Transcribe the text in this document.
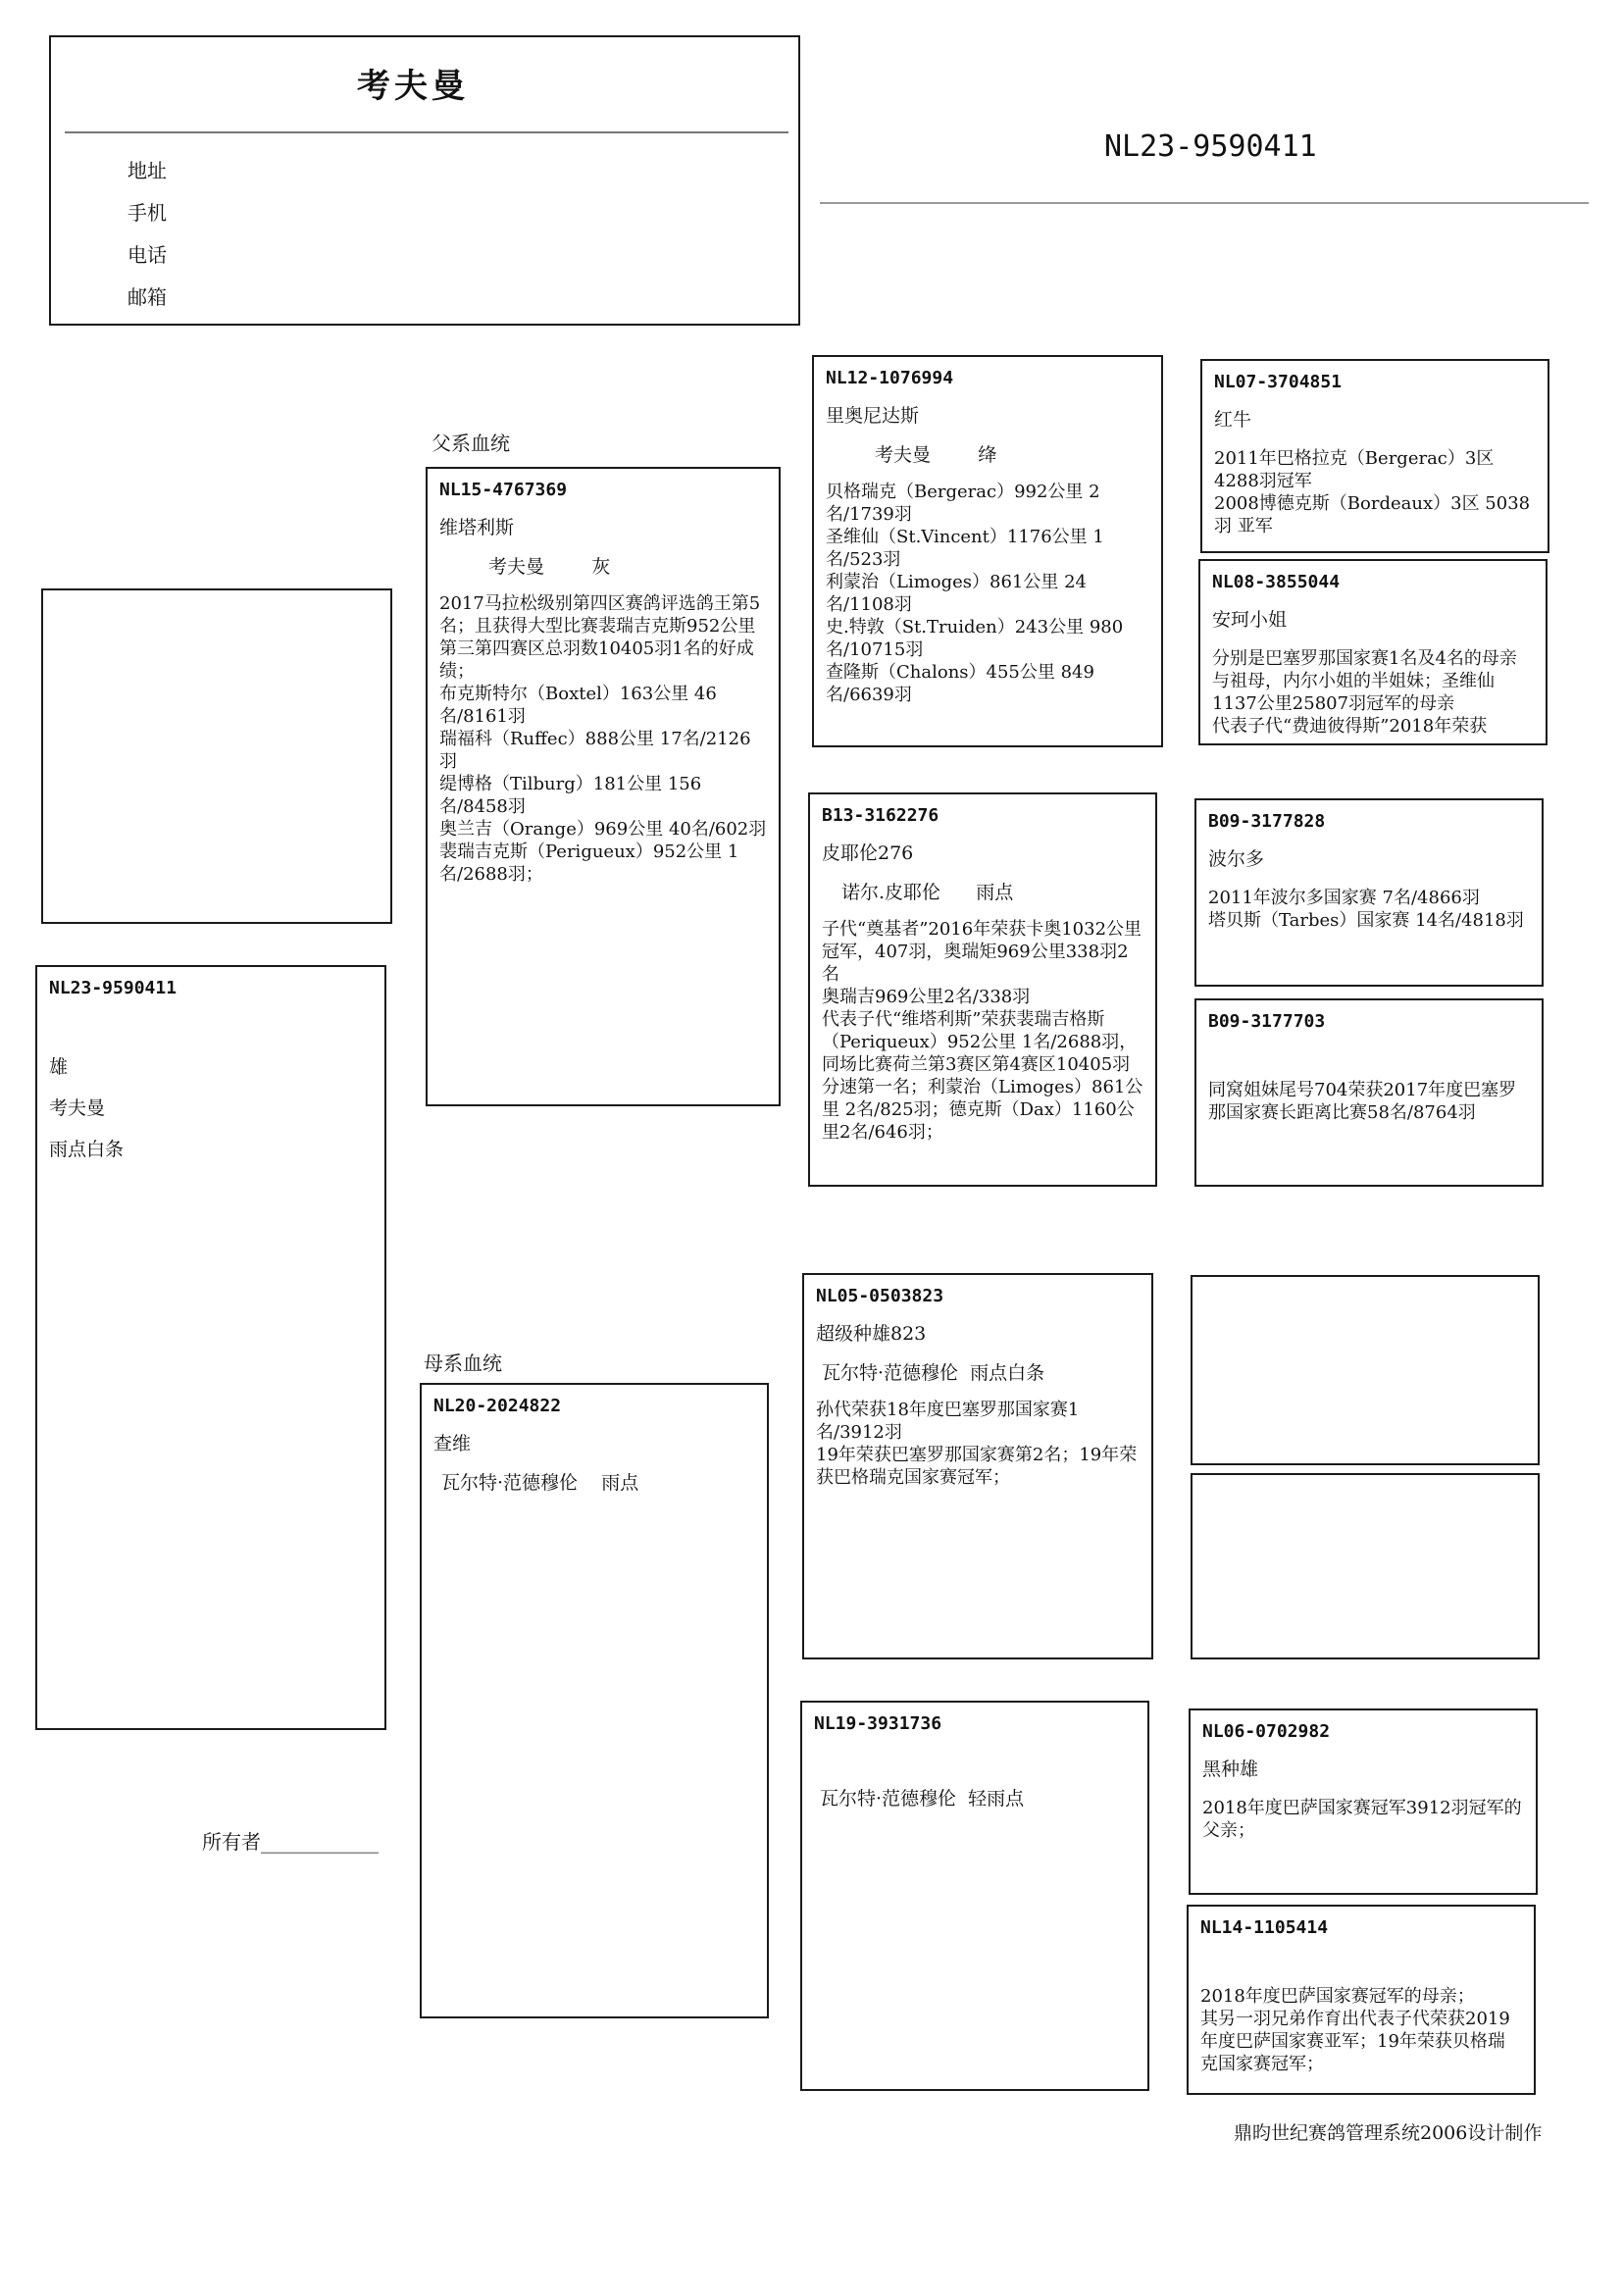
考夫曼
地址
手机
电话
邮箱
NL23-9590411
NL23-9590411
雄
考夫曼
雨点白条
父系血统
母系血统
NL15-4767369
维塔利斯
考夫曼        灰
2017马拉松级别第四区赛鸽评选鸽王第5名；且获得大型比赛裴瑞吉克斯952公里第三第四赛区总羽数10405羽1名的好成绩；
布克斯特尔（Boxtel）163公里 46名/8161羽
瑞福科（Ruffec）888公里 17名/2126羽
缇博格（Tilburg）181公里 156名/8458羽
奥兰吉（Orange）969公里 40名/602羽
裴瑞吉克斯（Perigueux）952公里 1名/2688羽；
NL20-2024822
查维
瓦尔特·范德穆伦    雨点
NL12-1076994
里奥尼达斯
考夫曼        绛
贝格瑞克（Bergerac）992公里 2名/1739羽
圣维仙（St.Vincent）1176公里 1名/523羽
利蒙治（Limoges）861公里 24名/1108羽
史.特敦（St.Truiden）243公里 980名/10715羽
查隆斯（Chalons）455公里 849名/6639羽
B13-3162276
皮耶伦276
诺尔.皮耶伦      雨点
子代“奠基者”2016年荣获卡奥1032公里冠军，407羽，奥瑞矩969公里338羽2名
奥瑞吉969公里2名/338羽
代表子代“维塔利斯”荣获裴瑞吉格斯（Periqueux）952公里 1名/2688羽，同场比赛荷兰第3赛区第4赛区10405羽分速第一名；利蒙治（Limoges）861公里 2名/825羽；德克斯（Dax）1160公里2名/646羽；
NL05-0503823
超级种雄823
瓦尔特·范德穆伦  雨点白条
孙代荣获18年度巴塞罗那国家赛1名/3912羽
19年荣获巴塞罗那国家赛第2名；19年荣获巴格瑞克国家赛冠军；
NL19-3931736
瓦尔特·范德穆伦  轻雨点
NL07-3704851
红牛
2011年巴格拉克（Bergerac）3区4288羽冠军
2008博德克斯（Bordeaux）3区 5038羽 亚军
NL08-3855044
安珂小姐
分别是巴塞罗那国家赛1名及4名的母亲与祖母，内尔小姐的半姐妹；圣维仙1137公里25807羽冠军的母亲
代表子代“费迪彼得斯”2018年荣获
B09-3177828
波尔多
2011年波尔多国家赛 7名/4866羽
塔贝斯（Tarbes）国家赛 14名/4818羽
B09-3177703
同窝姐妹尾号704荣获2017年度巴塞罗那国家赛长距离比赛58名/8764羽
NL06-0702982
黑种雄
2018年度巴萨国家赛冠军3912羽冠军的父亲；
NL14-1105414
2018年度巴萨国家赛冠军的母亲；
其另一羽兄弟作育出代表子代荣获2019年度巴萨国家赛亚军；19年荣获贝格瑞克国家赛冠军；
所有者____________
鼎昀世纪赛鸽管理系统2006设计制作
